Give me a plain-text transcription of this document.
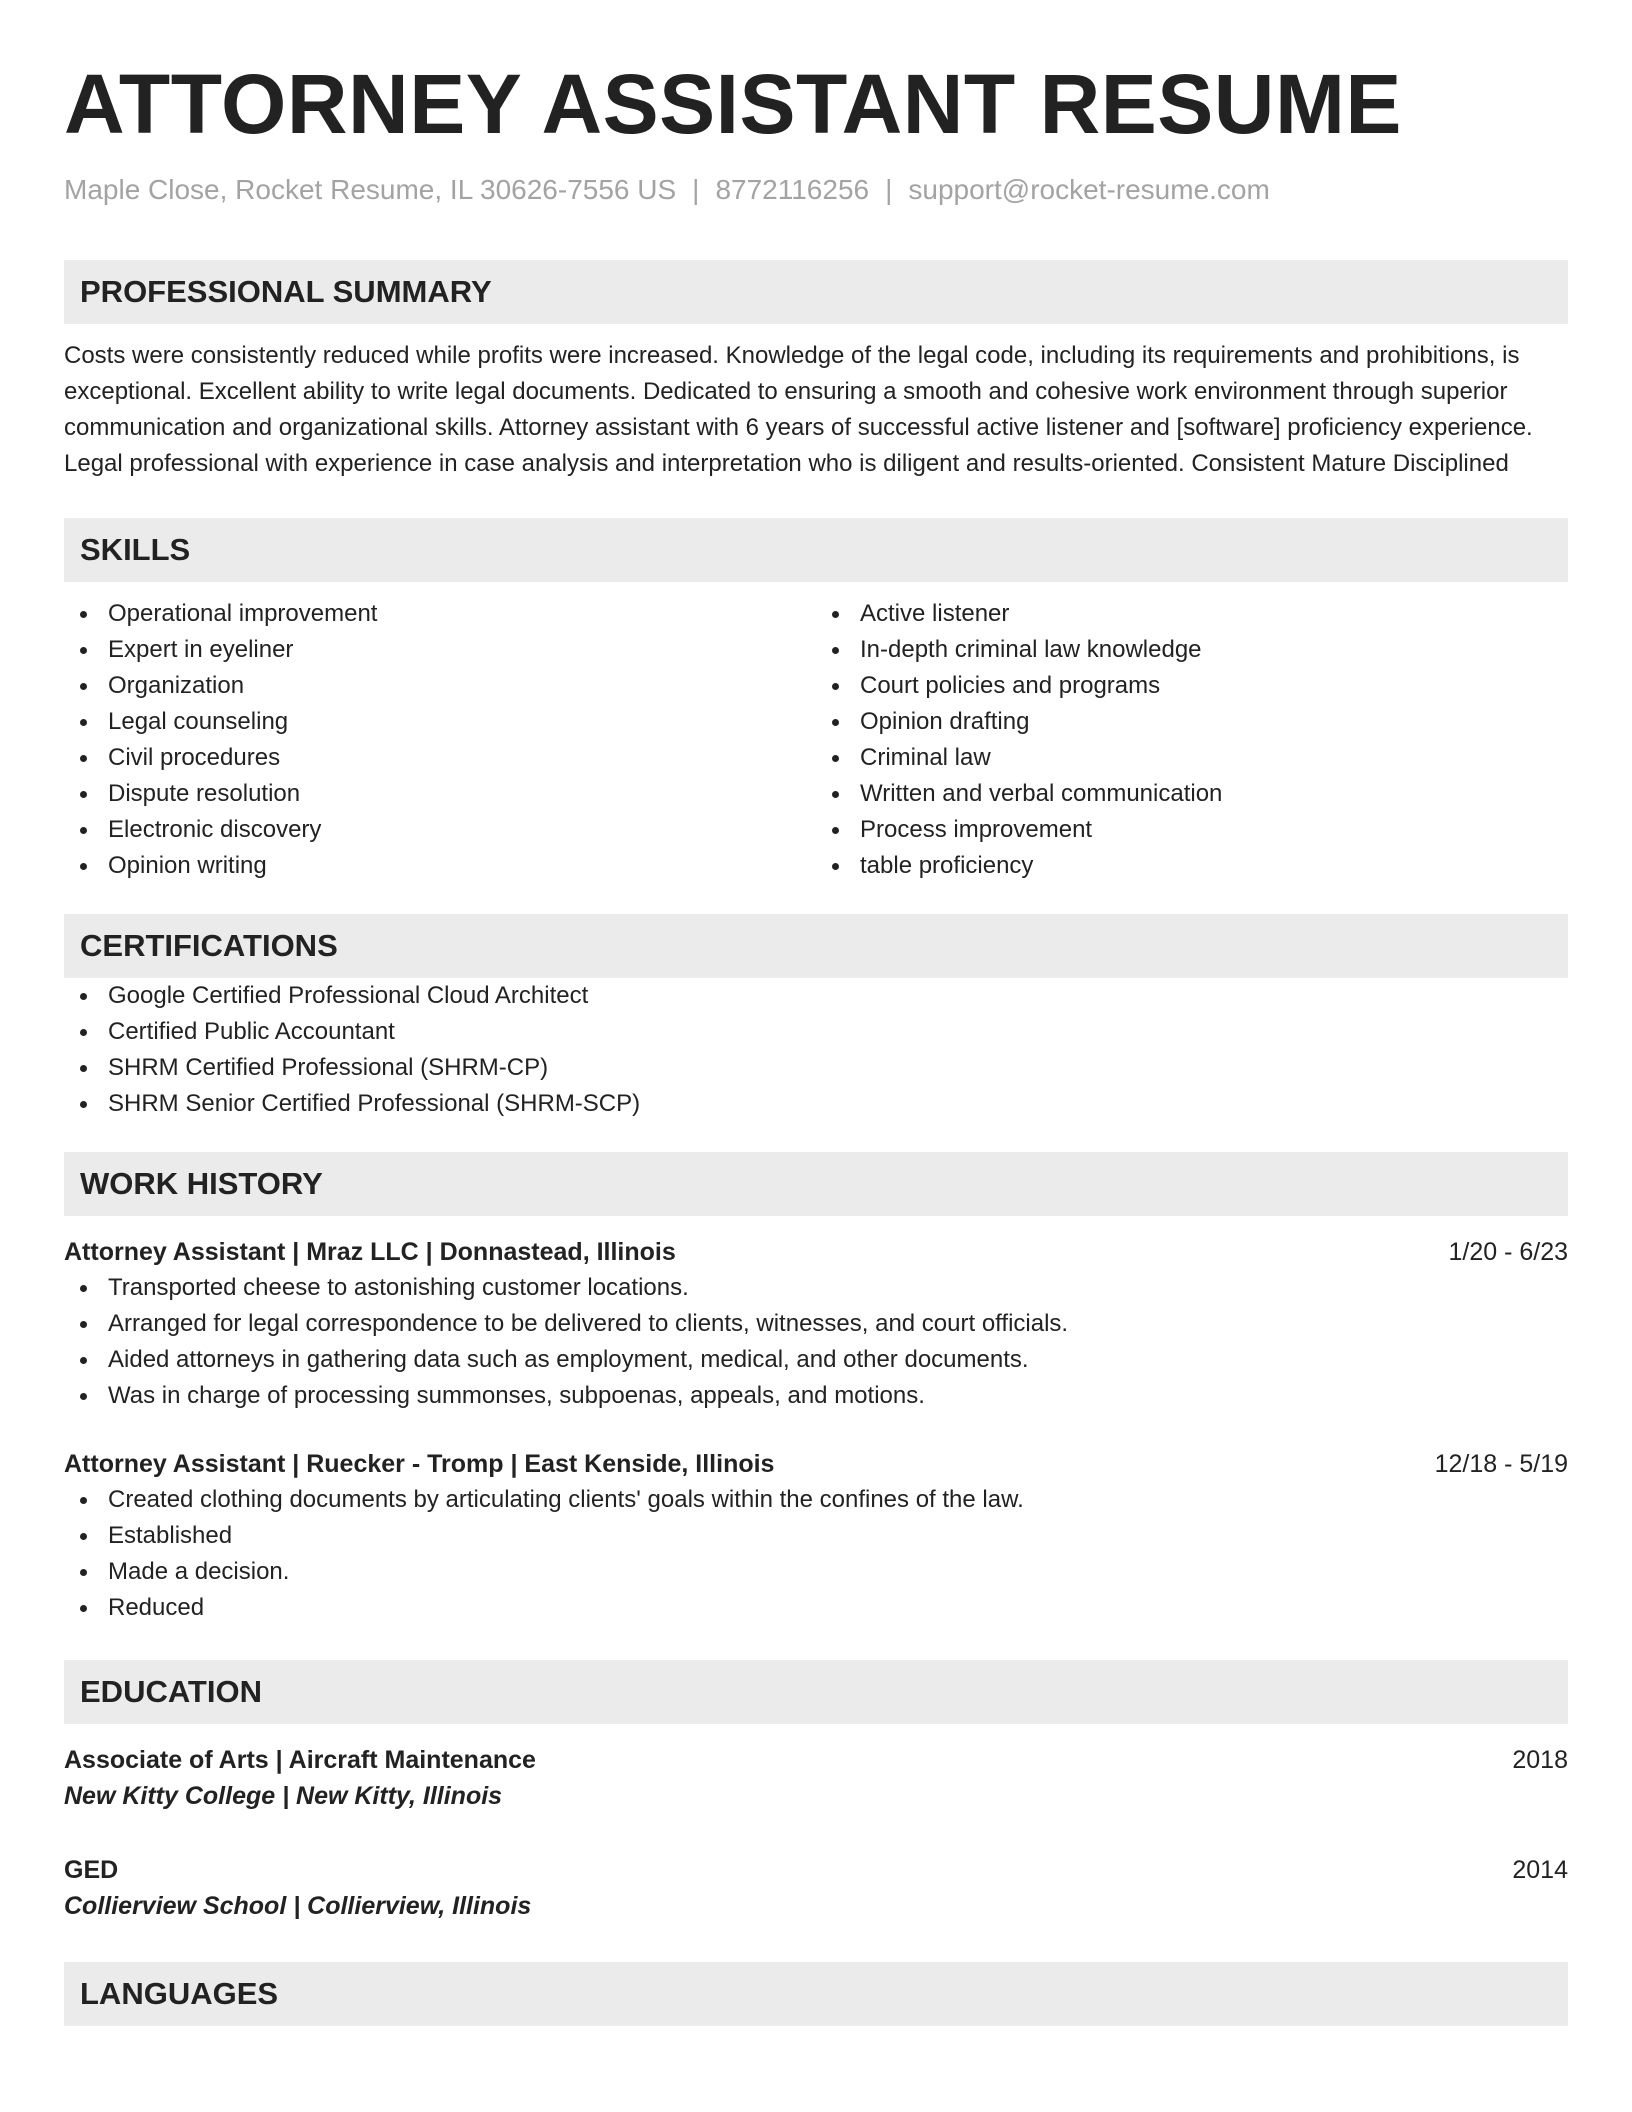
ATTORNEY ASSISTANT RESUME
Maple Close, Rocket Resume, IL 30626-7556 US | 8772116256 | support@rocket-resume.com
PROFESSIONAL SUMMARY
Costs were consistently reduced while profits were increased. Knowledge of the legal code, including its requirements and prohibitions, is exceptional. Excellent ability to write legal documents. Dedicated to ensuring a smooth and cohesive work environment through superior communication and organizational skills. Attorney assistant with 6 years of successful active listener and [software] proficiency experience. Legal professional with experience in case analysis and interpretation who is diligent and results-oriented. Consistent Mature Disciplined
SKILLS
Operational improvement
Expert in eyeliner
Organization
Legal counseling
Civil procedures
Dispute resolution
Electronic discovery
Opinion writing
Active listener
In-depth criminal law knowledge
Court policies and programs
Opinion drafting
Criminal law
Written and verbal communication
Process improvement
table proficiency
CERTIFICATIONS
Google Certified Professional Cloud Architect
Certified Public Accountant
SHRM Certified Professional (SHRM-CP)
SHRM Senior Certified Professional (SHRM-SCP)
WORK HISTORY
Attorney Assistant | Mraz LLC | Donnastead, Illinois	1/20 - 6/23
Transported cheese to astonishing customer locations.
Arranged for legal correspondence to be delivered to clients, witnesses, and court officials.
Aided attorneys in gathering data such as employment, medical, and other documents.
Was in charge of processing summonses, subpoenas, appeals, and motions.
Attorney Assistant | Ruecker - Tromp | East Kenside, Illinois	12/18 - 5/19
Created clothing documents by articulating clients' goals within the confines of the law.
Established
Made a decision.
Reduced
EDUCATION
Associate of Arts | Aircraft Maintenance	2018
New Kitty College | New Kitty, Illinois
GED	2014
Collierview School | Collierview, Illinois
LANGUAGES
